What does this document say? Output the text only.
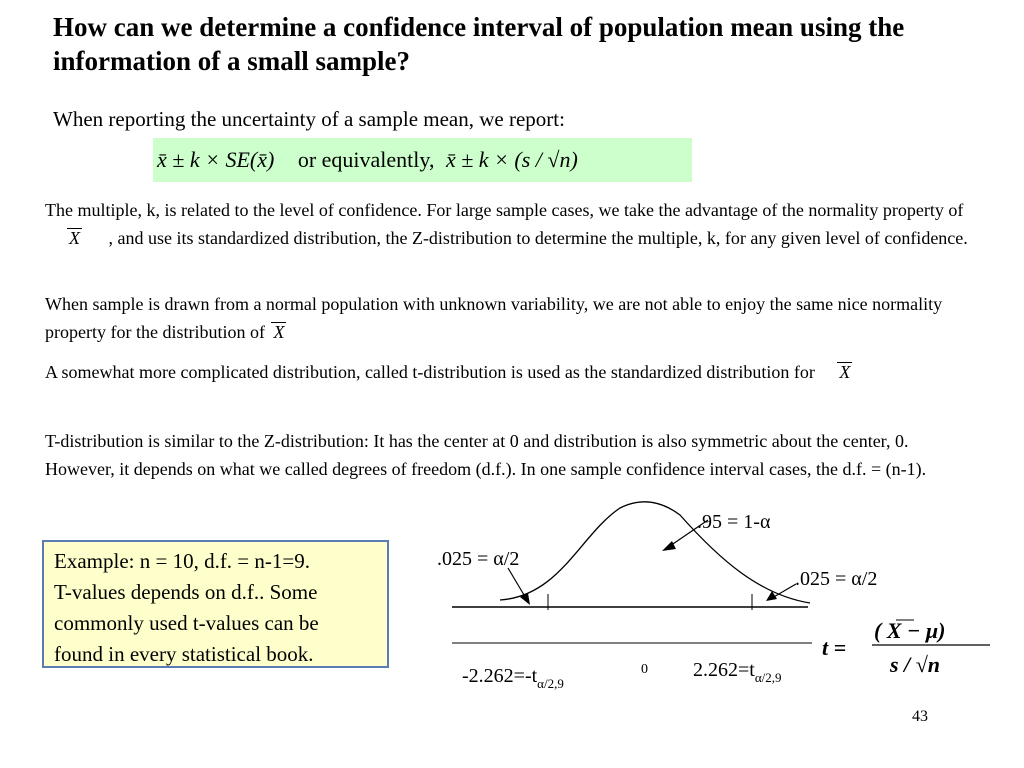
How can we determine a confidence interval of population mean using the information of a small sample?
When reporting the uncertainty of a sample mean, we report:
x̄ ± k × SE(x̄) or equivalently, x̄ ± k × (s / √n)
The multiple, k, is related to the level of confidence. For large sample cases, we take the advantage of the normality property of X , and use its standardized distribution, the Z-distribution to determine the multiple, k, for any given level of confidence.
When sample is drawn from a normal population with unknown variability, we are not able to enjoy the same nice normality property for the distribution of X
A somewhat more complicated distribution, called t-distribution is used as the standardized distribution for X
T-distribution is similar to the Z-distribution: It has the center at 0 and distribution is also symmetric about the center, 0. However, it depends on what we called degrees of freedom (d.f.). In one sample confidence interval cases, the d.f. = (n-1).
Example: n = 10, d.f. = n-1=9.
T-values depends on d.f.. Some
commonly used t-values can be
found in every statistical book.
.95 = 1-α
.025 = α/2
.025 = α/2
0
$-2.262=-t_{\alpha/2,9}$
$2.262=t_{\alpha/2,9}$
t =
( X − μ)
s / √n
43
